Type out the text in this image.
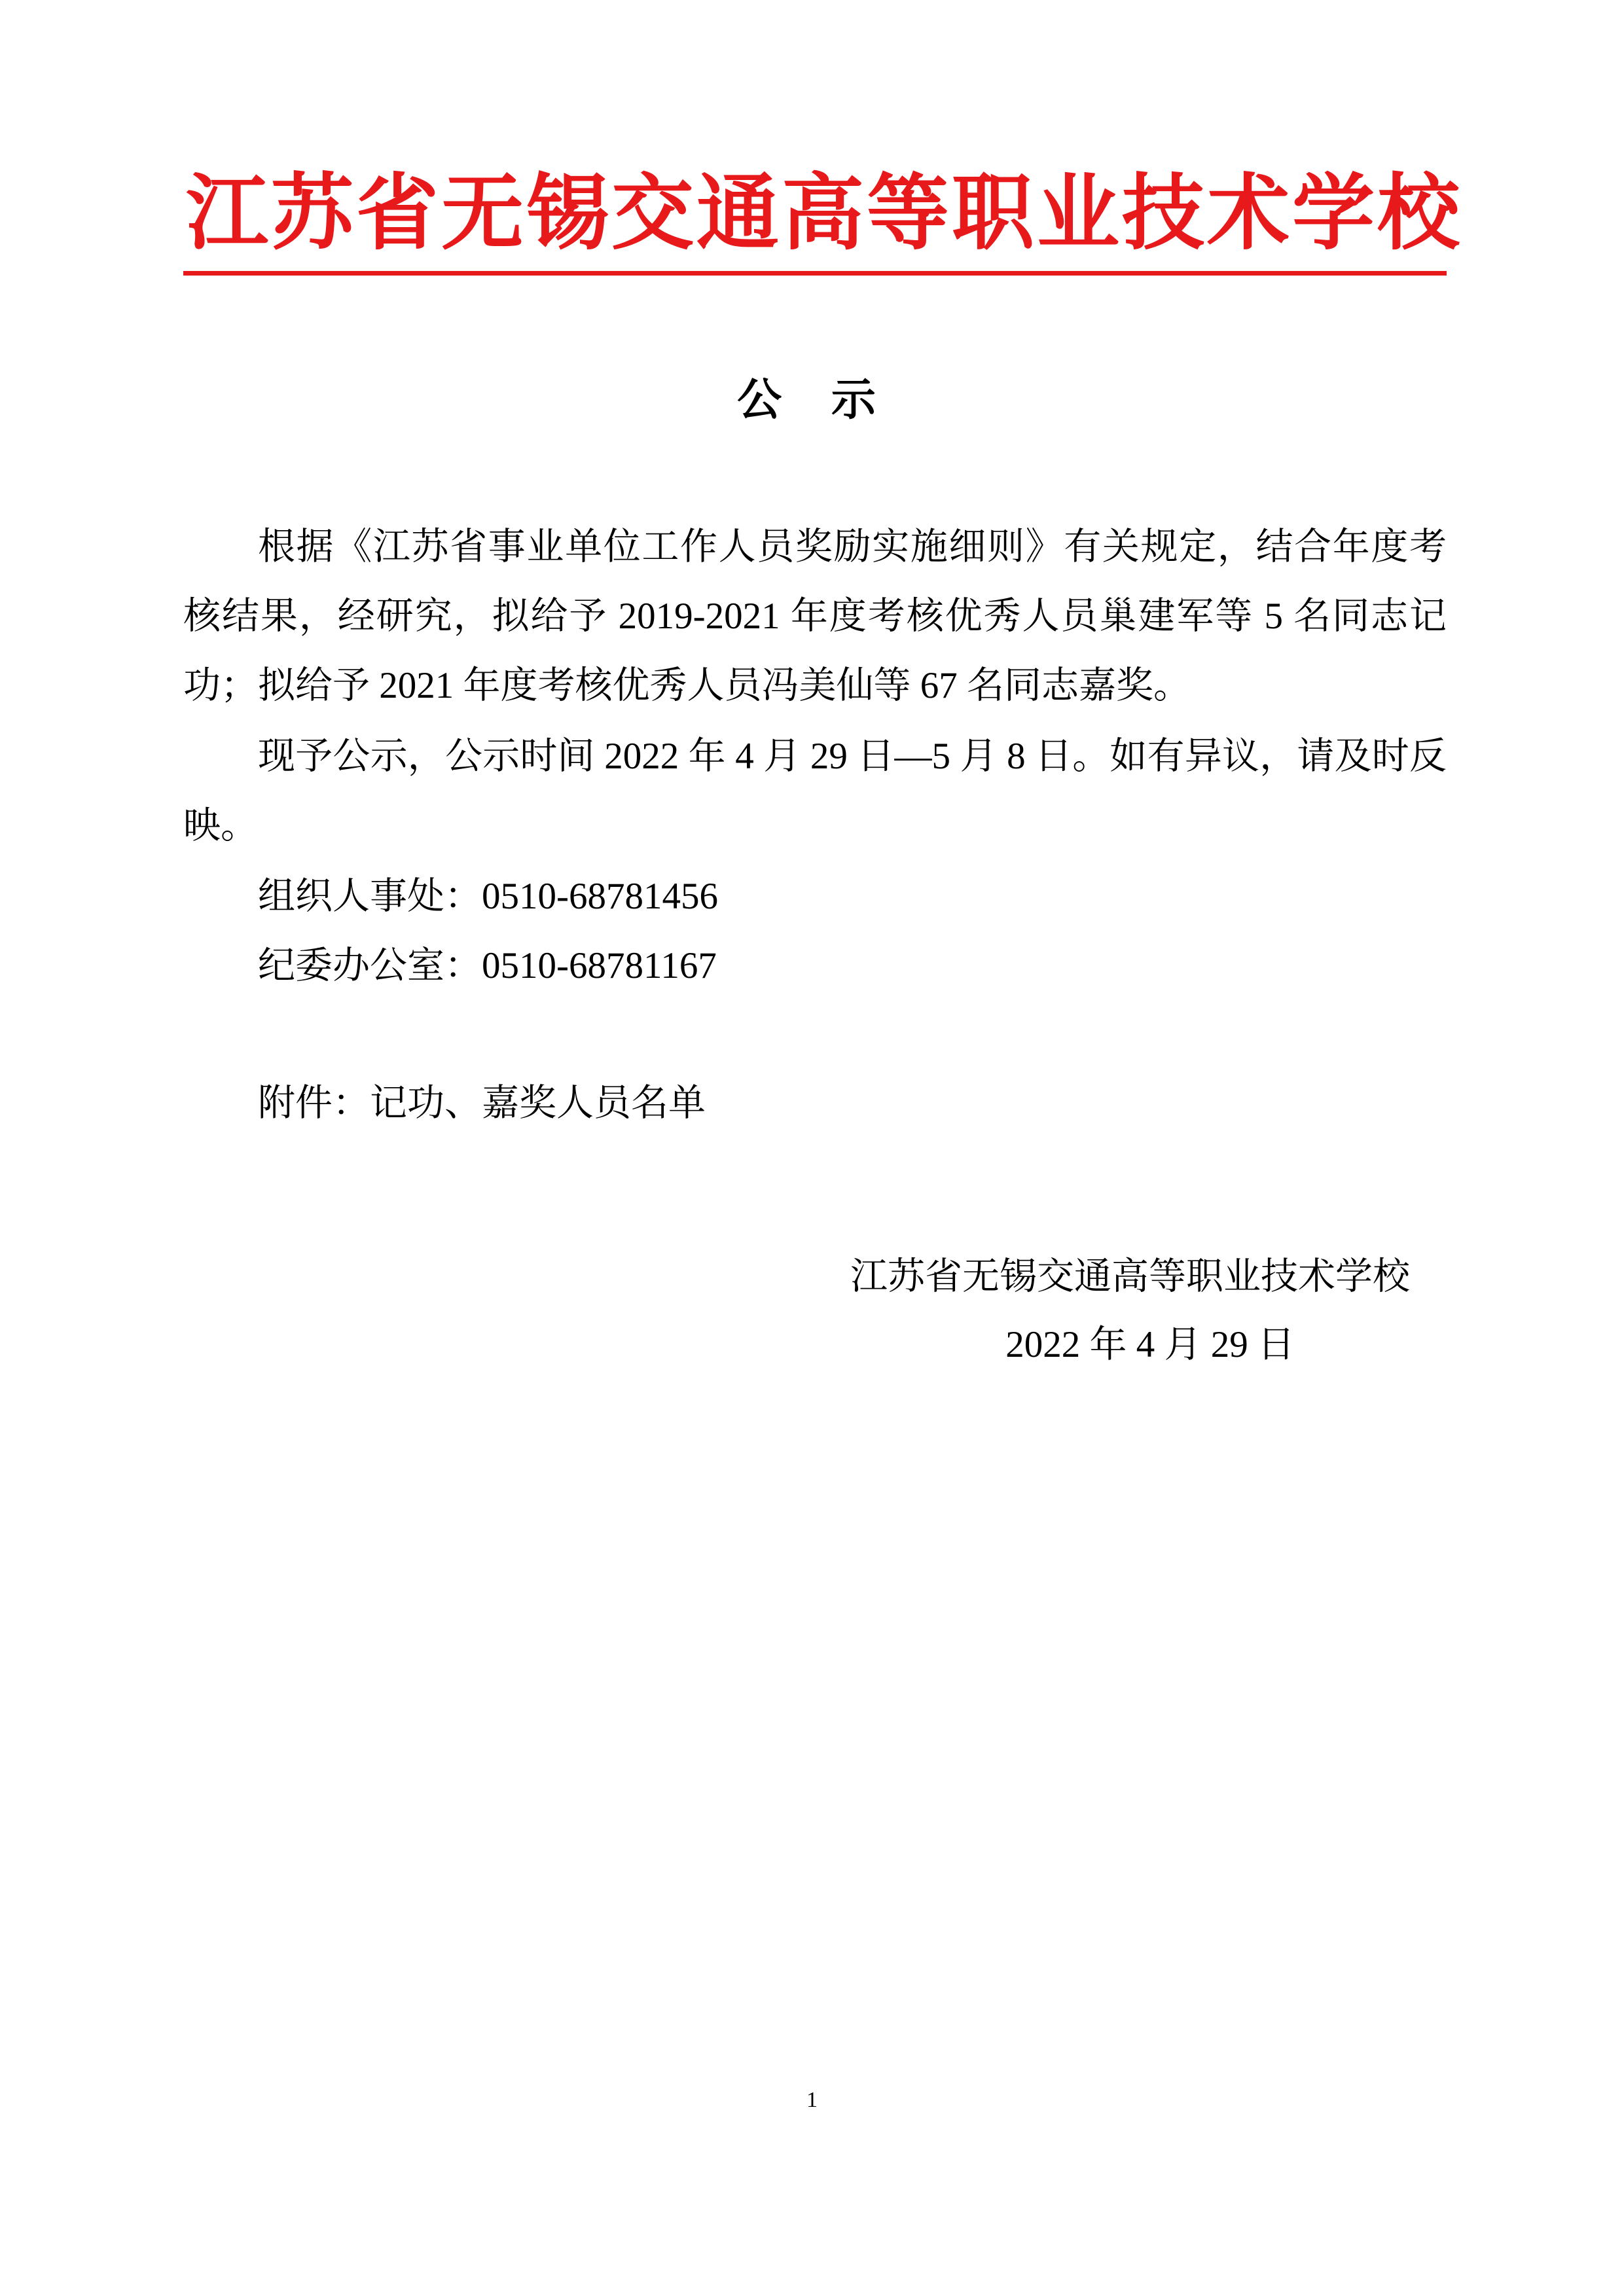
江苏省无锡交通高等职业技术学校
公 示

根据《江苏省事业单位工作人员奖励实施细则》有关规定，结合年度考核结果，经研究，拟给予 2019-2021 年度考核优秀人员巢建军等 5 名同志记功；拟给予 2021 年度考核优秀人员冯美仙等 67 名同志嘉奖。

现予公示，公示时间 2022 年 4 月 29 日—5 月 8 日。如有异议，请及时反映。

组织人事处：0510-68781456

纪委办公室：0510-68781167

附件：记功、嘉奖人员名单

江苏省无锡交通高等职业技术学校
2022 年 4 月 29 日
1
